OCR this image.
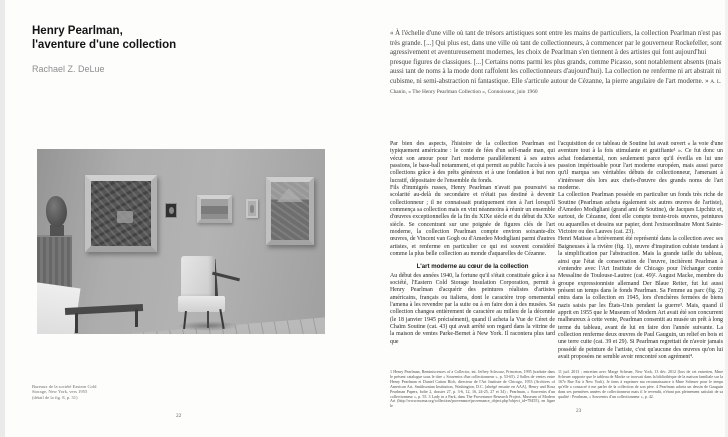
Henry Pearlman,
l'aventure d'une collection
Rachael Z. DeLue
Bureaux de la société Eastern Cold
Storage, New York, vers 1955
(détail de la fig. 8, p. 31)
22
« À l'échelle d'une ville où tant de trésors artistiques sont entre les mains de particuliers, la collection Pearlman n'est pas très grande. [...] Qui plus est, dans une ville où tant de collectionneurs, à commencer par le gouverneur Rockefeller, sont agressivement et aventureusement modernes, les choix de Pearlman s'en tiennent à des artistes qui font aujourd'hui presque figures de classiques. [...] Certains noms parmi les plus grands, comme Picasso, sont notablement absents (mais aussi tant de noms à la mode dont raffolent les collectionneurs d'aujourd'hui). La collection ne renferme ni art abstrait ni cubisme, ni semi-abstraction ni fantastique. Elle s'articule autour de Cézanne, la pierre angulaire de l'art moderne. » A. L. Chanin, « The Henry Pearlman Collection », Connoisseur, juin 1960

Par bien des aspects, l'histoire de la collection Pearlman est typiquement américaine : le conte de fées d'un self-made man, qui vécut son amour pour l'art moderne parallèlement à ses autres passions, le base-ball notamment, et qui permit au public l'accès à ses collections grâce à des prêts généreux et à une fondation à but non lucratif, dépositaire de l'ensemble du fonds.

Fils d'immigrés russes, Henry Pearlman n'avait pas poursuivi sa scolarité au-delà du secondaire et n'était pas destiné à devenir collectionneur ; il ne connaissait pratiquement rien à l'art lorsqu'il commença sa collection mais en vint néanmoins à réunir un ensemble d'œuvres exceptionnelles de la fin du XIXe siècle et du début du XXe siècle. Se concentrant sur une poignée de figures clés de l'art moderne, la collection Pearlman compte environ soixante-dix œuvres, de Vincent van Gogh ou d'Amedeo Modigliani parmi d'autres artistes, et renferme en particulier ce qui est souvent considéré comme la plus belle collection au monde d'aquarelles de Cézanne.

L'art moderne au cœur de la collection

Au début des années 1940, la fortune qu'il s'était constituée grâce à sa société, l'Eastern Cold Storage Insulation Corporation, permit à Henry Pearlman d'acquérir des peintures réalistes d'artistes américains, français ou italiens, dont le caractère trop ornemental l'amena à les revendre par la suite ou à en faire don à des musées. Sa collection changea entièrement de caractère au milieu de la décennie (le 18 janvier 1945 précisément), quand il acheta la Vue de Céret de Chaïm Soutine (cat. 43) qui avait arrêté son regard dans la vitrine de la maison de ventes Parke-Bernet à New York. Il racontera plus tard que

l'acquisition de ce tableau de Soutine lui avait ouvert « la voie d'une aventure tout à la fois stimulante et gratifiante¹ ». Ce fut donc un achat fondamental, non seulement parce qu'il éveilla en lui une passion impérissable pour l'art moderne européen, mais aussi parce qu'il marqua ses véritables débuts de collectionneur, l'amenant à s'intéresser dès lors aux chefs-d'œuvre des grands noms de l'art moderne.

La collection Pearlman possède en particulier un fonds très riche de Soutine (Pearlman acheta également six autres œuvres de l'artiste), d'Amedeo Modigliani (grand ami de Soutine), de Jacques Lipchitz et, surtout, de Cézanne, dont elle compte trente-trois œuvres, peintures ou aquarelles et dessins sur papier, dont l'extraordinaire Mont Sainte-Victoire ou des Lauves (cat. 23).

Henri Matisse a brièvement été représenté dans la collection avec ses Baigneuses à la rivière (fig. 1), œuvre d'inspiration cubiste tendant à la simplification par l'abstraction. Mais la grande taille du tableau, ainsi que l'état de conservation de l'œuvre, incitèrent Pearlman à s'entendre avec l'Art Institute de Chicago pour l'échanger contre Messaline de Toulouse-Lautrec (cat. 49)². August Macke, membre du groupe expressionniste allemand Der Blaue Reiter, fut lui aussi présent un temps dans le fonds Pearlman. Sa Femme au parc (fig. 2) entra dans la collection en 1945, lors d'enchères fermées de biens nazis saisis par les États-Unis pendant la guerre³. Mais, quand il apprit en 1955 que le Museum of Modern Art avait été son concurrent malheureux à cette vente, Pearlman consentit au musée un prêt à long terme du tableau, avant de lui en faire don l'année suivante. La collection renferme deux œuvres de Paul Gauguin, un relief en bois et une terre cuite (cat. 39 et 29). Si Pearlman regrettait de n'avoir jamais possédé de peinture de l'artiste, c'est qu'aucune des œuvres qu'on lui avait proposées ne semble avoir rencontré son agrément⁴.

1 Henry Pearlman, Reminiscences of a Collector, int. Jeffrey Schwarz, Princeton, 1995 (traduite dans le présent catalogue sous le titre « Souvenirs d'un collectionneur », p. 53-65). 2 Salles de ventes entre Henry Pearlman et Daniel Catton Rich, directeur de l'Art Institute de Chicago, 1953 (Archives of American Art, Smithsonian Institution, Washington, D.C. [abrégé ensuite en AAA], Henry and Rosa Pearlman Papers, boîte 2, dossier 27, p. 3-6, 12, 16, 24-25, 27 et 34) ; Pearlman, « Souvenirs d'un collectionneur », p. 55. 3 Lady in a Park, dans The Provenance Research Project, Museum of Modern Art (http://www.moma.org/collection/provenance/provenance_object.php?object_id=78455), en ligne le
11 juil. 2013 ; entretien avec Marge Scheuer, New York, 13 déc. 2012 (lors de cet entretien, Mme Scheuer rapporte que le tableau de Macke se trouvait dans la bibliothèque de la maison familiale sur la 167e Rue Est à New York). Je tiens à exprimer ma reconnaissance à Mme Scheuer pour le temps qu'elle a consacré à me parler de la collection de son père. 4 Pearlman acheta un dessin de Gauguin dans ses premières années de collectionneur mais il le revendit, n'étant pas pleinement satisfait de sa qualité : Pearlman, « Souvenirs d'un collectionneur », p. 42.
23
